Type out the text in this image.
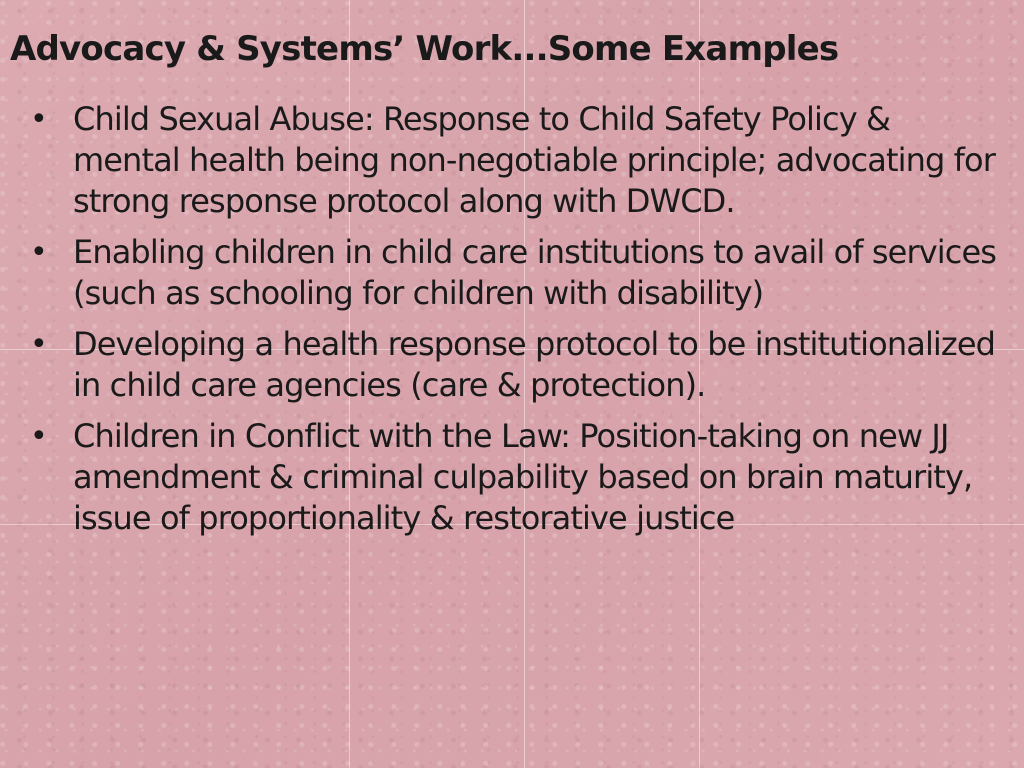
Advocacy & Systems’ Work...Some Examples
• Child Sexual Abuse: Response to Child Safety Policy & mental health being non-negotiable principle; advocating for strong response protocol along with DWCD.
• Enabling children in child care institutions to avail of services (such as schooling for children with disability)
• Developing a health response protocol to be institutionalized in child care agencies (care & protection).
• Children in Conflict with the Law: Position-taking on new JJ amendment & criminal culpability based on brain maturity, issue of proportionality & restorative justice
